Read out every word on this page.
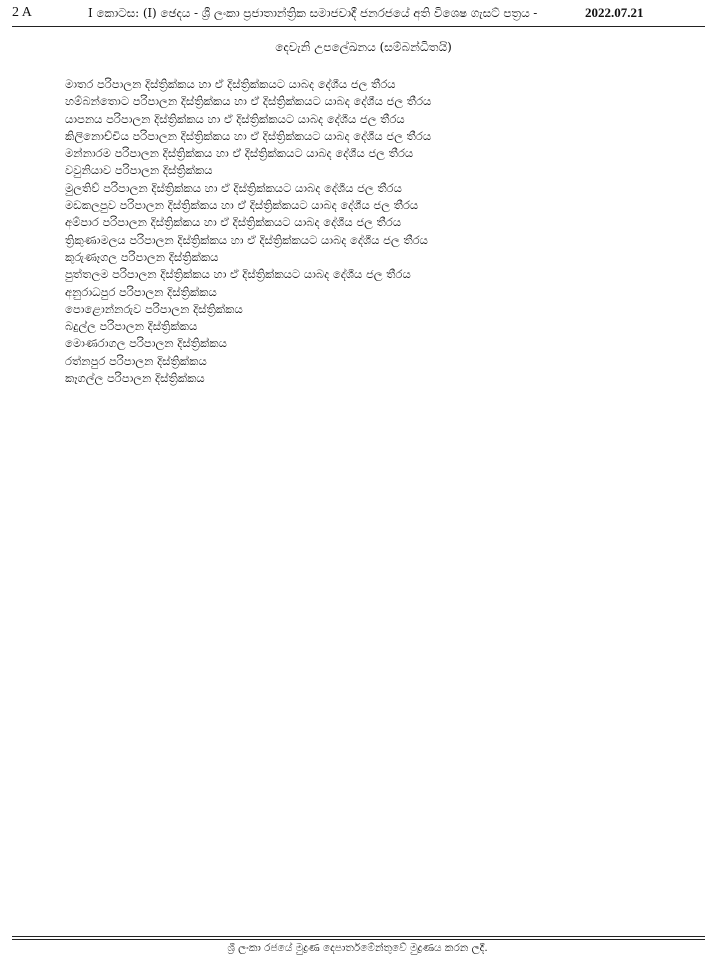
2 A	I කොටස: (I) ඡෙදය - ශ්‍රී ලංකා ප්‍රජාතාන්ත්‍රික සමාජවාදී ජනරජයේ අති විශෙෂ ගැසට් පත්‍රය -	2022.07.21
දෙවැනි උපලේඛනය (සම්බන්ධිතයි)
මාතර පරිපාලන දිස්ත්‍රික්කය හා ඒ දිස්ත්‍රික්කයට යාබද දේශීය ජල තීරය
හම්බන්තොට පරිපාලන දිස්ත්‍රික්කය හා ඒ දිස්ත්‍රික්කයට යාබද දේශීය ජල තීරය
යාපනය පරිපාලන දිස්ත්‍රික්කය හා ඒ දිස්ත්‍රික්කයට යාබද දේශීය ජල තීරය
කිලිනොච්චිය පරිපාලන දිස්ත්‍රික්කය හා ඒ දිස්ත්‍රික්කයට යාබද දේශීය ජල තීරය
මන්නාරම පරිපාලන දිස්ත්‍රික්කය හා ඒ දිස්ත්‍රික්කයට යාබද දේශීය ජල තීරය
වවුනියාව පරිපාලන දිස්ත්‍රික්කය
මුලතිව් පරිපාලන දිස්ත්‍රික්කය හා ඒ දිස්ත්‍රික්කයට යාබද දේශීය ජල තීරය
මඩකලපුව පරිපාලන දිස්ත්‍රික්කය හා ඒ දිස්ත්‍රික්කයට යාබද දේශීය ජල තීරය
අම්පාර පරිපාලන දිස්ත්‍රික්කය හා ඒ දිස්ත්‍රික්කයට යාබද දේශීය ජල තීරය
ත්‍රිකුණාමලය පරිපාලන දිස්ත්‍රික්කය හා ඒ දිස්ත්‍රික්කයට යාබද දේශීය ජල තීරය
කුරුණෑගල පරිපාලන දිස්ත්‍රික්කය
පුත්තලම පරිපාලන දිස්ත්‍රික්කය හා ඒ දිස්ත්‍රික්කයට යාබද දේශීය ජල තීරය
අනුරාධපුර පරිපාලන දිස්ත්‍රික්කය
පොළොන්නරුව පරිපාලන දිස්ත්‍රික්කය
බදුල්ල පරිපාලන දිස්ත්‍රික්කය
මොණරාගල පරිපාලන දිස්ත්‍රික්කය
රත්නපුර පරිපාලන දිස්ත්‍රික්කය
කෑගල්ල පරිපාලන දිස්ත්‍රික්කය
ශ්‍රී ලංකා රජයේ මුද්‍රණ දෙපාර්තමේන්තුවේ මුද්‍රණය කරන ලදී.
